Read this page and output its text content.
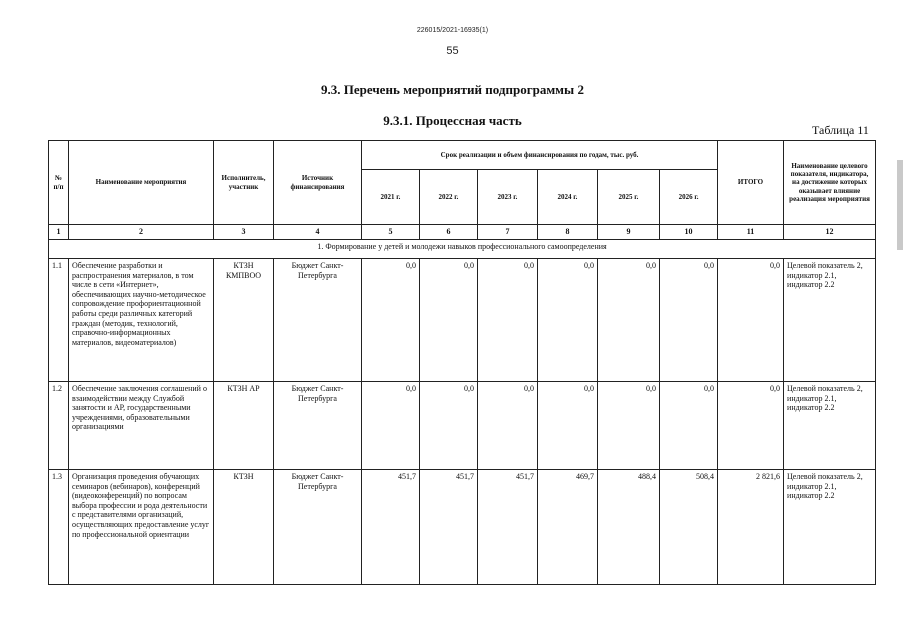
226015/2021-16935(1)
55
9.3. Перечень мероприятий подпрограммы 2
9.3.1. Процессная часть
Таблица 11
№ п/п	Наименование мероприятия	Исполнитель, участник	Источник финансирования	Срок реализации и объем финансирования по годам, тыс. руб.						ИТОГО	Наименование целевого показателя, индикатора, на достижение которых оказывает влияние реализация мероприятия
				2021 г.	2022 г.	2023 г.	2024 г.	2025 г.	2026 г.		
1	2	3	4	5	6	7	8	9	10	11	12
1. Формирование у детей и молодежи навыков профессионального самоопределения											
1.1	Обеспечение разработки и распространения материалов, в том числе в сети «Интернет», обеспечивающих научно-методическое сопровождение профориентационной работы среди различных категорий граждан (методик, технологий, справочно-информационных материалов, видеоматериалов)	КТЗН КМПВОО	Бюджет Санкт-Петербурга	0,0	0,0	0,0	0,0	0,0	0,0	0,0	Целевой показатель 2, индикатор 2.1, индикатор 2.2
1.2	Обеспечение заключения соглашений о взаимодействии между Службой занятости и АР, государственными учреждениями, образовательными организациями	КТЗН АР	Бюджет Санкт-Петербурга	0,0	0,0	0,0	0,0	0,0	0,0	0,0	Целевой показатель 2, индикатор 2.1, индикатор 2.2
1.3	Организация проведения обучающих семинаров (вебинаров), конференций (видеоконференций) по вопросам выбора профессии и рода деятельности с представителями организаций, осуществляющих предоставление услуг по профессиональной ориентации	КТЗН	Бюджет Санкт-Петербурга	451,7	451,7	451,7	469,7	488,4	508,4	2 821,6	Целевой показатель 2, индикатор 2.1, индикатор 2.2
